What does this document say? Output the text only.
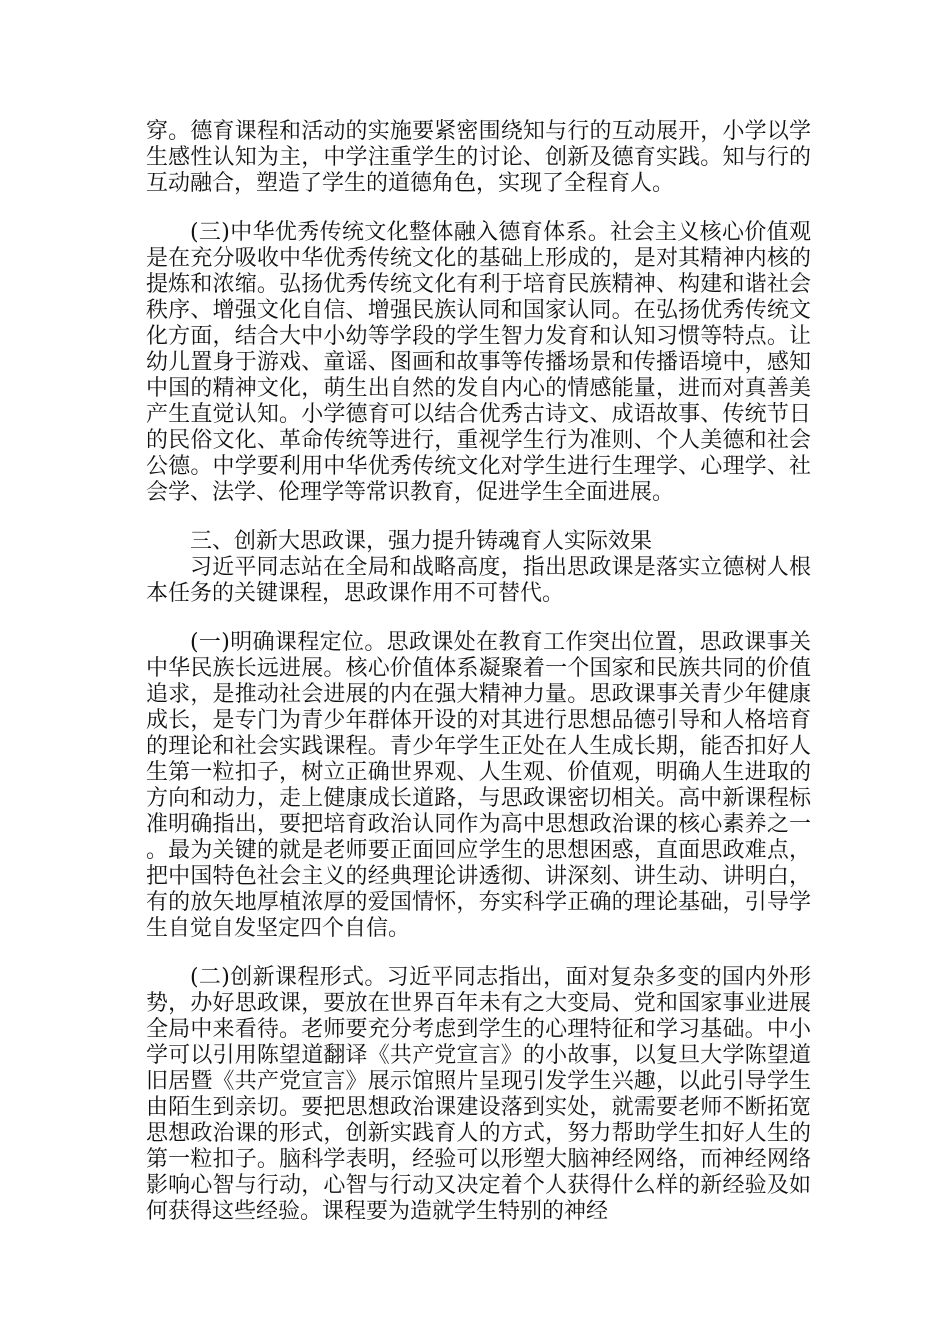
穿。德育课程和活动的实施要紧密围绕知与行的互动展开，小学以学生感性认知为主，中学注重学生的讨论、创新及德育实践。知与行的互动融合，塑造了学生的道德角色，实现了全程育人。

(三)中华优秀传统文化整体融入德育体系。社会主义核心价值观是在充分吸收中华优秀传统文化的基础上形成的，是对其精神内核的提炼和浓缩。弘扬优秀传统文化有利于培育民族精神、构建和谐社会秩序、增强文化自信、增强民族认同和国家认同。在弘扬优秀传统文化方面，结合大中小幼等学段的学生智力发育和认知习惯等特点。让幼儿置身于游戏、童谣、图画和故事等传播场景和传播语境中，感知中国的精神文化，萌生出自然的发自内心的情感能量，进而对真善美产生直觉认知。小学德育可以结合优秀古诗文、成语故事、传统节日的民俗文化、革命传统等进行，重视学生行为准则、个人美德和社会公德。中学要利用中华优秀传统文化对学生进行生理学、心理学、社会学、法学、伦理学等常识教育，促进学生全面进展。

三、创新大思政课，强力提升铸魂育人实际效果

习近平同志站在全局和战略高度，指出思政课是落实立德树人根本任务的关键课程，思政课作用不可替代。

(一)明确课程定位。思政课处在教育工作突出位置，思政课事关中华民族长远进展。核心价值体系凝聚着一个国家和民族共同的价值追求，是推动社会进展的内在强大精神力量。思政课事关青少年健康成长，是专门为青少年群体开设的对其进行思想品德引导和人格培育的理论和社会实践课程。青少年学生正处在人生成长期，能否扣好人生第一粒扣子，树立正确世界观、人生观、价值观，明确人生进取的方向和动力，走上健康成长道路，与思政课密切相关。高中新课程标准明确指出，要把培育政治认同作为高中思想政治课的核心素养之一。最为关键的就是老师要正面回应学生的思想困惑，直面思政难点，把中国特色社会主义的经典理论讲透彻、讲深刻、讲生动、讲明白，有的放矢地厚植浓厚的爱国情怀，夯实科学正确的理论基础，引导学生自觉自发坚定四个自信。

(二)创新课程形式。习近平同志指出，面对复杂多变的国内外形势，办好思政课，要放在世界百年未有之大变局、党和国家事业进展全局中来看待。老师要充分考虑到学生的心理特征和学习基础。中小学可以引用陈望道翻译《共产党宣言》的小故事，以复旦大学陈望道旧居暨《共产党宣言》展示馆照片呈现引发学生兴趣，以此引导学生由陌生到亲切。要把思想政治课建设落到实处，就需要老师不断拓宽思想政治课的形式，创新实践育人的方式，努力帮助学生扣好人生的第一粒扣子。脑科学表明，经验可以形塑大脑神经网络，而神经网络影响心智与行动，心智与行动又决定着个人获得什么样的新经验及如何获得这些经验。课程要为造就学生特别的神经
